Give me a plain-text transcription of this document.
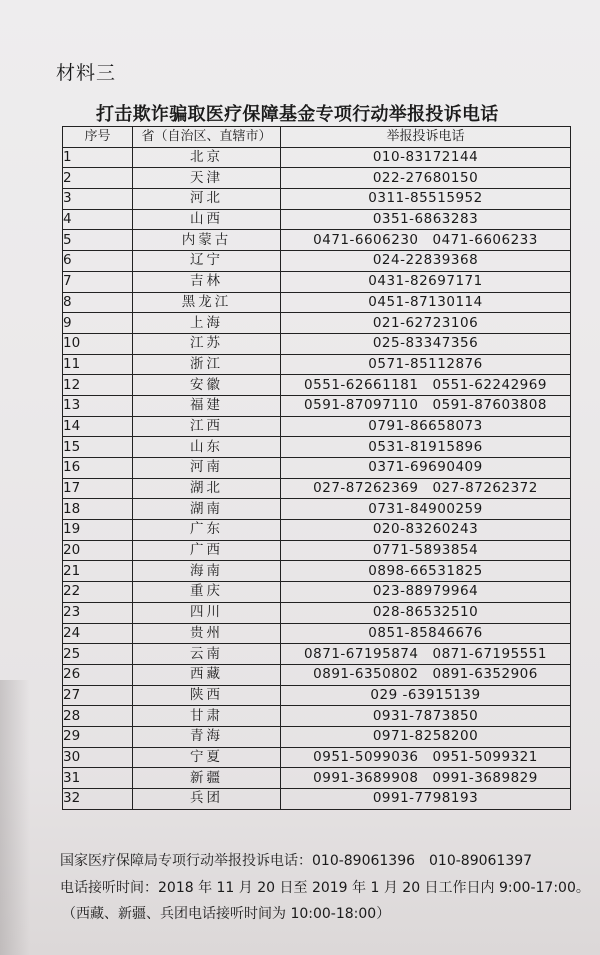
材料三
打击欺诈骗取医疗保障基金专项行动举报投诉电话
序号	省（自治区、直辖市）	举报投诉电话
1	北京	010-83172144
2	天津	022-27680150
3	河北	0311-85515952
4	山西	0351-6863283
5	内蒙古	0471-6606230 0471-6606233
6	辽宁	024-22839368
7	吉林	0431-82697171
8	黑龙江	0451-87130114
9	上海	021-62723106
10	江苏	025-83347356
11	浙江	0571-85112876
12	安徽	0551-62661181 0551-62242969
13	福建	0591-87097110 0591-87603808
14	江西	0791-86658073
15	山东	0531-81915896
16	河南	0371-69690409
17	湖北	027-87262369 027-87262372
18	湖南	0731-84900259
19	广东	020-83260243
20	广西	0771-5893854
21	海南	0898-66531825
22	重庆	023-88979964
23	四川	028-86532510
24	贵州	0851-85846676
25	云南	0871-67195874 0871-67195551
26	西藏	0891-6350802 0891-6352906
27	陕西	029 -63915139
28	甘肃	0931-7873850
29	青海	0971-8258200
30	宁夏	0951-5099036 0951-5099321
31	新疆	0991-3689908 0991-3689829
32	兵团	0991-7798193
国家医疗保障局专项行动举报投诉电话：010-89061396　010-89061397
电话接听时间：2018 年 11 月 20 日至 2019 年 1 月 20 日工作日内 9:00-17:00。
（西藏、新疆、兵团电话接听时间为 10:00-18:00）
